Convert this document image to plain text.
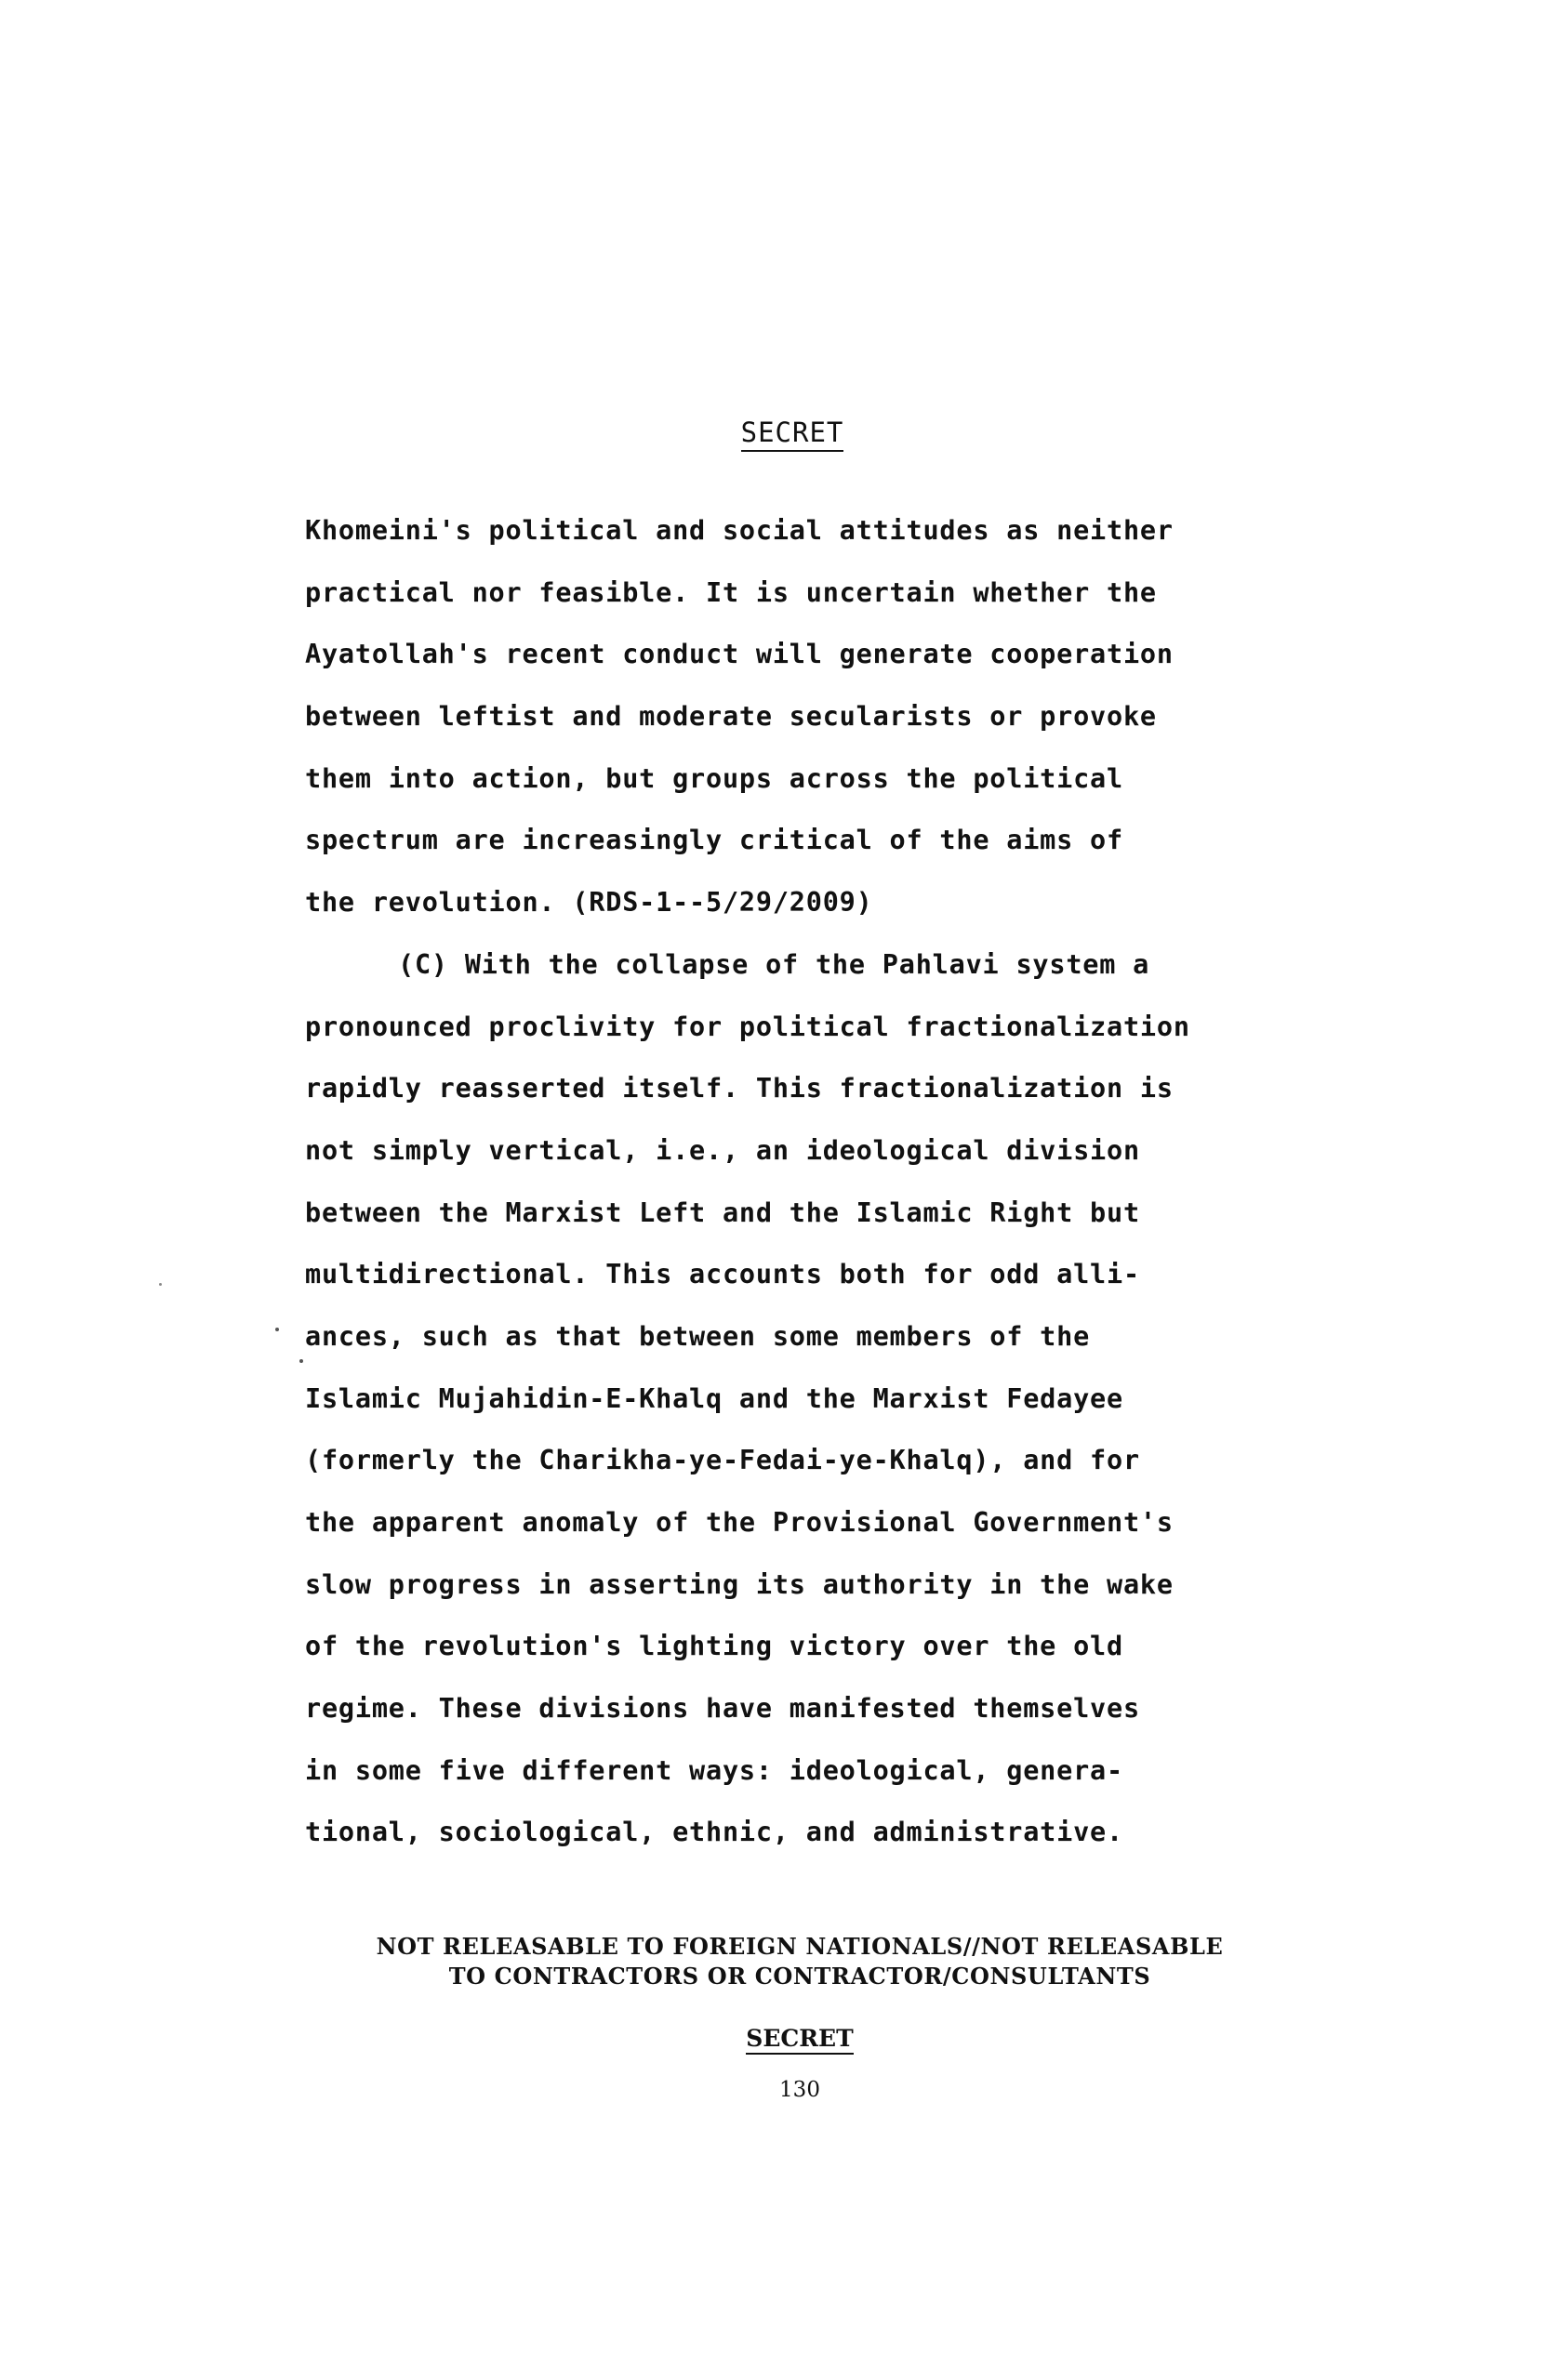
SECRET
Khomeini's political and social attitudes as neither
practical nor feasible. It is uncertain whether the
Ayatollah's recent conduct will generate cooperation
between leftist and moderate secularists or provoke
them into action, but groups across the political
spectrum are increasingly critical of the aims of
the revolution. (RDS-1--5/29/2009)
(C) With the collapse of the Pahlavi system a
pronounced proclivity for political fractionalization
rapidly reasserted itself. This fractionalization is
not simply vertical, i.e., an ideological division
between the Marxist Left and the Islamic Right but
multidirectional. This accounts both for odd alli-
ances, such as that between some members of the
Islamic Mujahidin-E-Khalq and the Marxist Fedayee
(formerly the Charikha-ye-Fedai-ye-Khalq), and for
the apparent anomaly of the Provisional Government's
slow progress in asserting its authority in the wake
of the revolution's lighting victory over the old
regime. These divisions have manifested themselves
in some five different ways: ideological, genera-
tional, sociological, ethnic, and administrative.
NOT RELEASABLE TO FOREIGN NATIONALS//NOT RELEASABLE
TO CONTRACTORS OR CONTRACTOR/CONSULTANTS
SECRET
130
